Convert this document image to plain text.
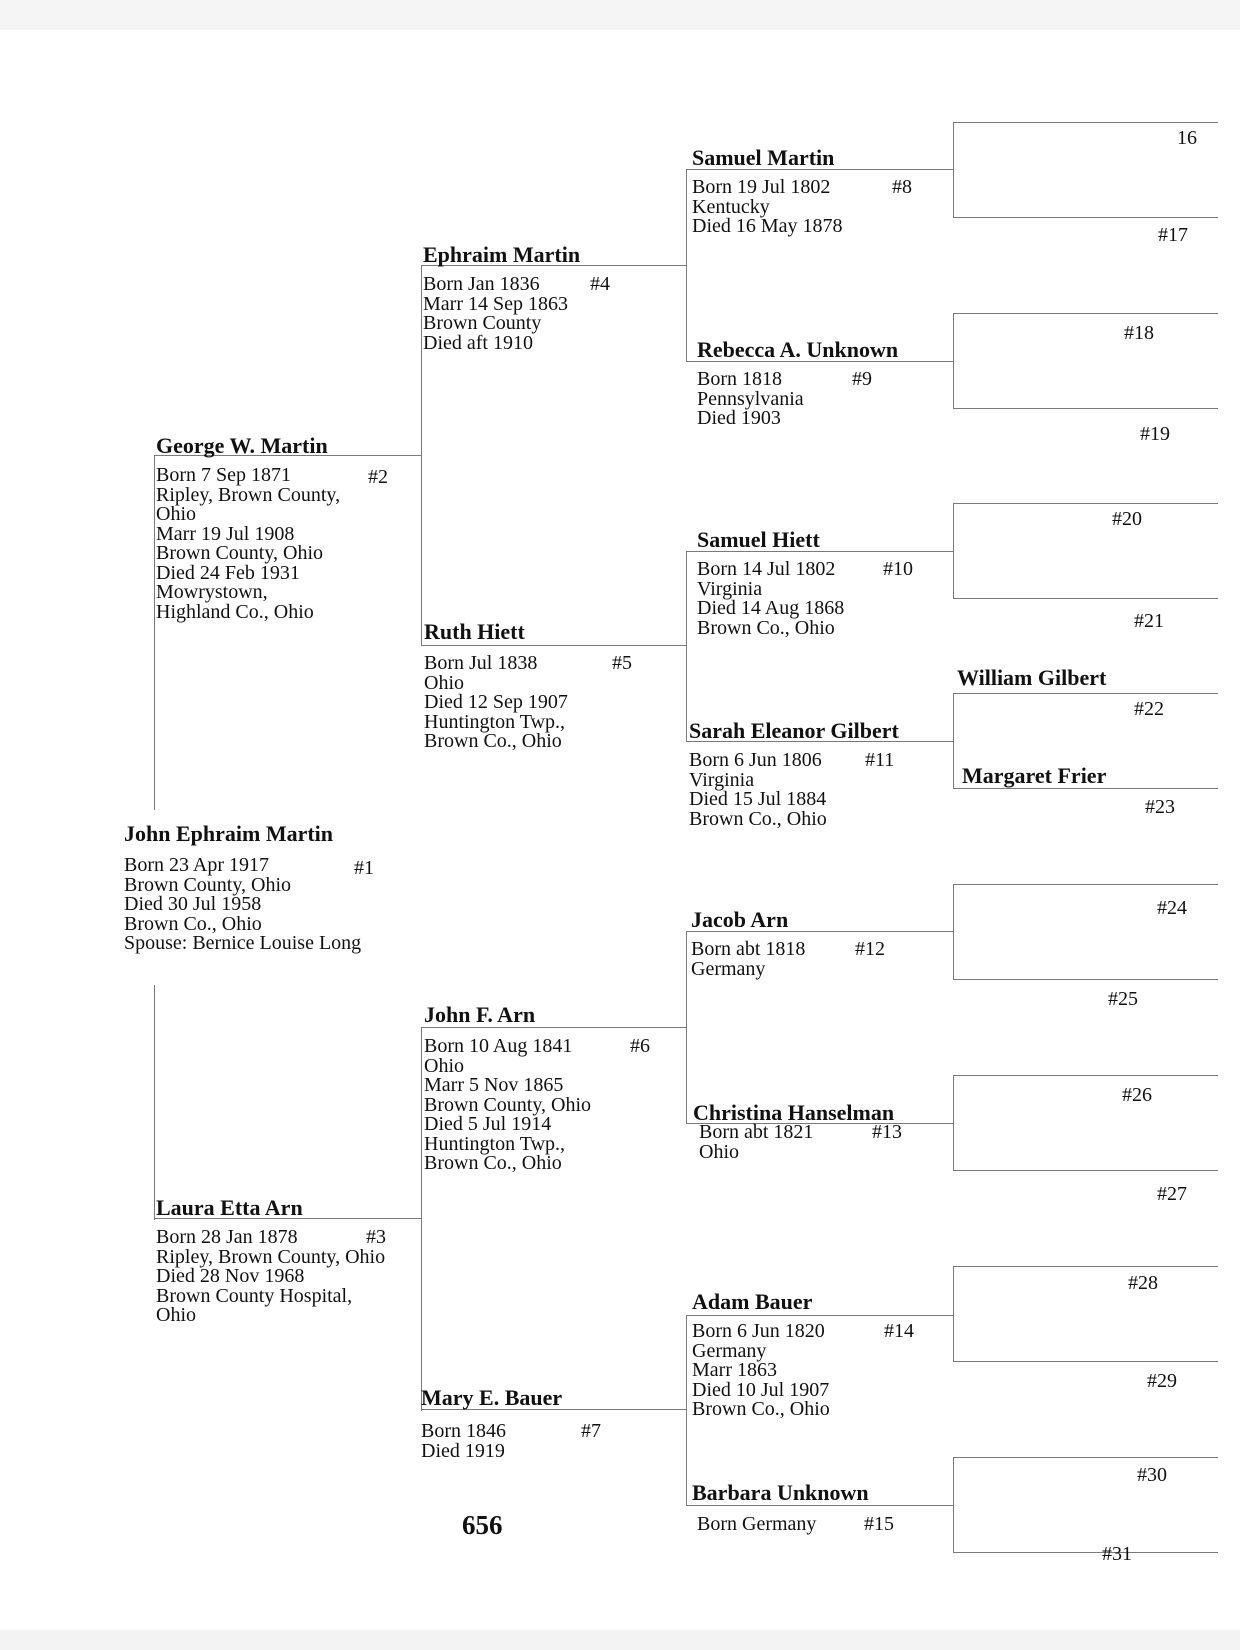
John Ephraim Martin
Born 23 Apr 1917
Brown County, Ohio
Died 30 Jul 1958
Brown Co., Ohio
Spouse: Bernice Louise Long
#1
George W. Martin
Born 7 Sep 1871
Ripley, Brown County,
Ohio
Marr 19 Jul 1908
Brown County, Ohio
Died 24 Feb 1931
Mowrystown,
Highland Co., Ohio
#2
Laura Etta Arn
Born 28 Jan 1878
Ripley, Brown County, Ohio
Died 28 Nov 1968
Brown County Hospital,
Ohio
#3
Ephraim Martin
Born Jan 1836
Marr 14 Sep 1863
Brown County
Died aft 1910
#4
Ruth Hiett
Born Jul 1838
Ohio
Died 12 Sep 1907
Huntington Twp.,
Brown Co., Ohio
#5
John F. Arn
Born 10 Aug 1841
Ohio
Marr 5 Nov 1865
Brown County, Ohio
Died 5 Jul 1914
Huntington Twp.,
Brown Co., Ohio
#6
Mary E. Bauer
Born 1846
Died 1919
#7
Samuel Martin
Born 19 Jul 1802
Kentucky
Died 16 May 1878
#8
Rebecca A. Unknown
Born 1818
Pennsylvania
Died 1903
#9
Samuel Hiett
Born 14 Jul 1802
Virginia
Died 14 Aug 1868
Brown Co., Ohio
#10
Sarah Eleanor Gilbert
Born 6 Jun 1806
Virginia
Died 15 Jul 1884
Brown Co., Ohio
#11
Jacob Arn
Born abt 1818
Germany
#12
Christina Hanselman
Born abt 1821
Ohio
#13
Adam Bauer
Born 6 Jun 1820
Germany
Marr 1863
Died 10 Jul 1907
Brown Co., Ohio
#14
Barbara Unknown
Born Germany	#15
16
#17
#18
#19
#20
#21
William Gilbert
#22
Margaret Frier
#23
#24
#25
#26
#27
#28
#29
#30
#31
656
